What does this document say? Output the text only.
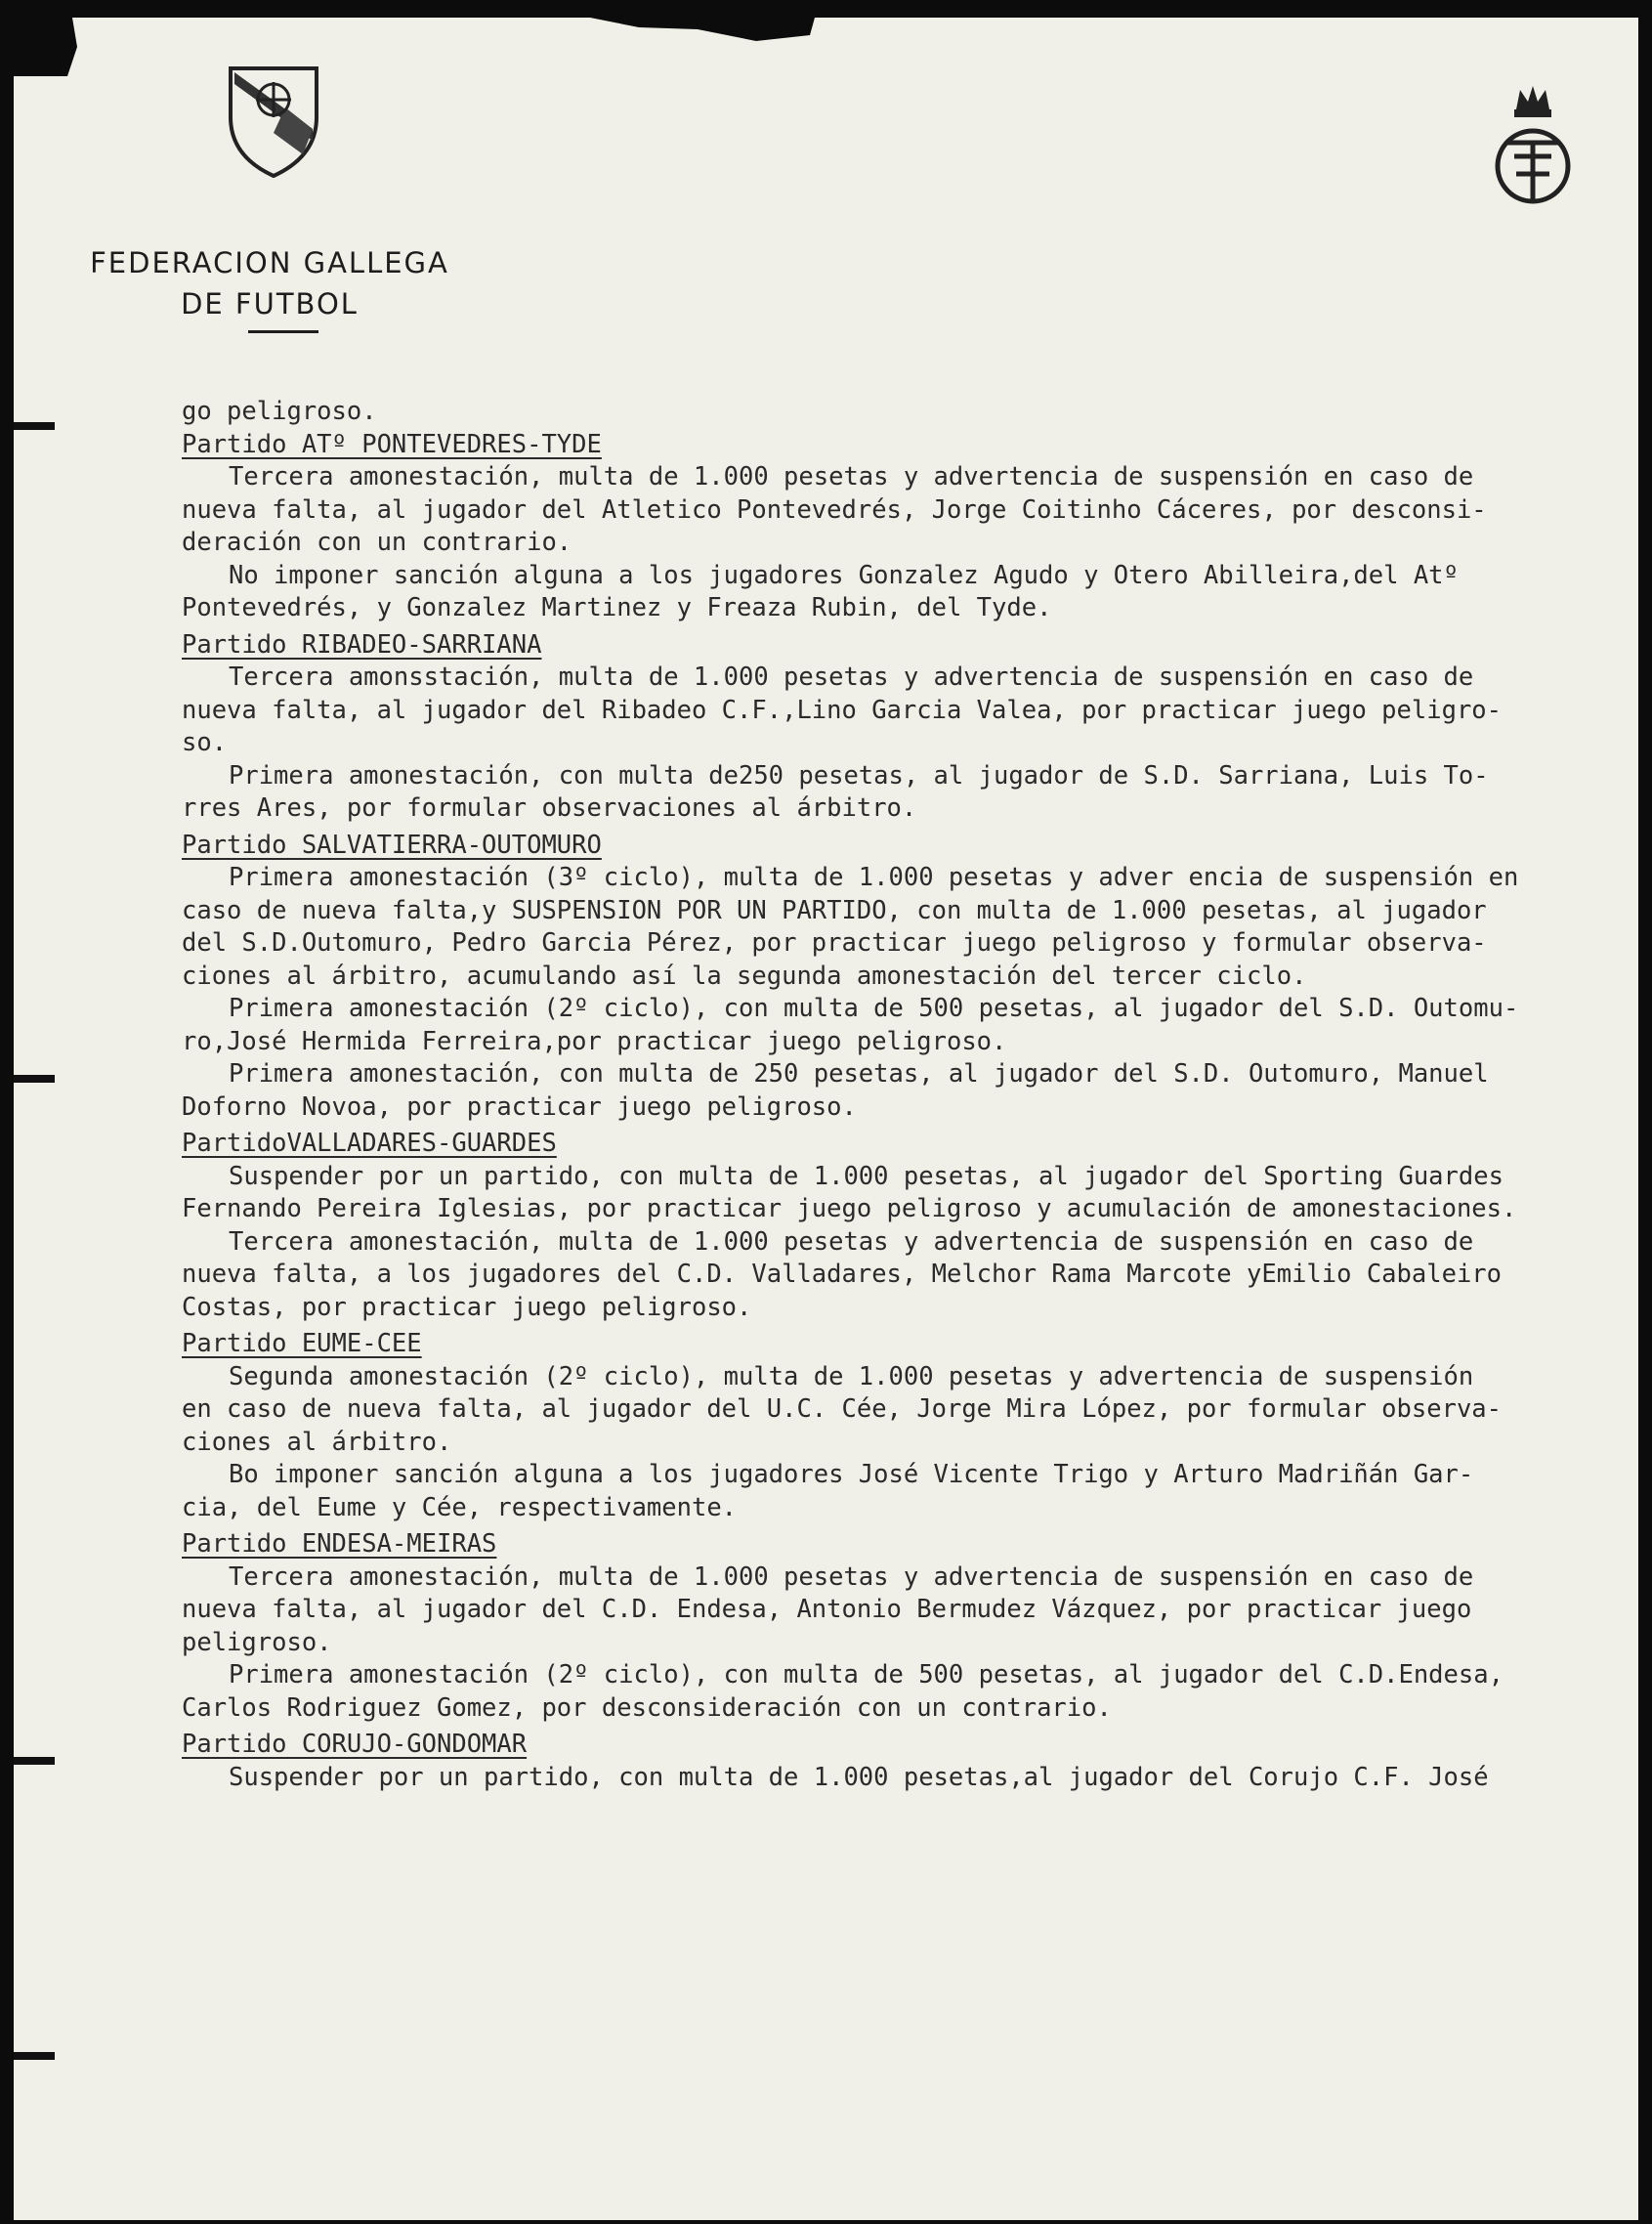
FEDERACION GALLEGA
DE FUTBOL

go peligroso.

Partido ATº PONTEVEDRES-TYDE

Tercera amonestación, multa de 1.000 pesetas y advertencia de suspensión en caso de

nueva falta, al jugador del Atletico Pontevedrés, Jorge Coitinho Cáceres, por desconsi-

deración con un contrario.

No imponer sanción alguna a los jugadores Gonzalez Agudo y Otero Abilleira,del Atº

Pontevedrés, y Gonzalez Martinez y Freaza Rubin, del Tyde.

Partido RIBADEO-SARRIANA

Tercera amonsstación, multa de 1.000 pesetas y advertencia de suspensión en caso de

nueva falta, al jugador del Ribadeo C.F.,Lino Garcia Valea, por practicar juego peligro-

so.

Primera amonestación, con multa de250 pesetas, al jugador de S.D. Sarriana, Luis To-

rres Ares, por formular observaciones al árbitro.

Partido SALVATIERRA-OUTOMURO

Primera amonestación (3º ciclo), multa de 1.000 pesetas y adver encia de suspensión en

caso de nueva falta,y SUSPENSION POR UN PARTIDO, con multa de 1.000 pesetas, al jugador

del S.D.Outomuro, Pedro Garcia Pérez, por practicar juego peligroso y formular observa-

ciones al árbitro, acumulando así la segunda amonestación del tercer ciclo.

Primera amonestación (2º ciclo), con multa de 500 pesetas, al jugador del S.D. Outomu-

ro,José Hermida Ferreira,por practicar juego peligroso.

Primera amonestación, con multa de 250 pesetas, al jugador del S.D. Outomuro, Manuel

Doforno Novoa, por practicar juego peligroso.

PartidoVALLADARES-GUARDES

Suspender por un partido, con multa de 1.000 pesetas, al jugador del Sporting Guardes

Fernando Pereira Iglesias, por practicar juego peligroso y acumulación de amonestaciones.

Tercera amonestación, multa de 1.000 pesetas y advertencia de suspensión en caso de

nueva falta, a los jugadores del C.D. Valladares, Melchor Rama Marcote yEmilio Cabaleiro

Costas, por practicar juego peligroso.

Partido EUME-CEE

Segunda amonestación (2º ciclo), multa de 1.000 pesetas y advertencia de suspensión

en caso de nueva falta, al jugador del U.C. Cée, Jorge Mira López, por formular observa-

ciones al árbitro.

Bo imponer sanción alguna a los jugadores José Vicente Trigo y Arturo Madriñán Gar-

cia, del Eume y Cée, respectivamente.

Partido ENDESA-MEIRAS

Tercera amonestación, multa de 1.000 pesetas y advertencia de suspensión en caso de

nueva falta, al jugador del C.D. Endesa, Antonio Bermudez Vázquez, por practicar juego

peligroso.

Primera amonestación (2º ciclo), con multa de 500 pesetas, al jugador del C.D.Endesa,

Carlos Rodriguez Gomez, por desconsideración con un contrario.

Partido CORUJO-GONDOMAR

Suspender por un partido, con multa de 1.000 pesetas,al jugador del Corujo C.F. José
